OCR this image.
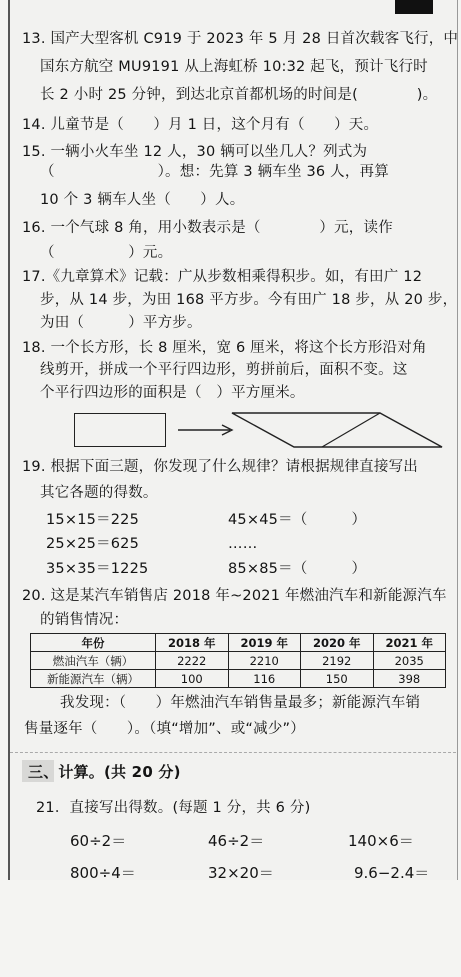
13. 国产大型客机 C919 于 2023 年 5 月 28 日首次载客飞行，中
国东方航空 MU9191 从上海虹桥 10:32 起飞，预计飞行时
长 2 小时 25 分钟，到达北京首都机场的时间是(　　　　)。
14. 儿童节是（　　）月 1 日，这个月有（　　）天。
15. 一辆小火车坐 12 人，30 辆可以坐几人？列式为
（　　　　　　　）。想：先算 3 辆车坐 36 人，再算
10 个 3 辆车人坐（　　）人。
16. 一个气球 8 角，用小数表示是（　　　　）元，读作
（　　　　　）元。
17.《九章算术》记载：广从步数相乘得积步。如，有田广 12
步，从 14 步，为田 168 平方步。今有田广 18 步，从 20 步，
为田（　　　）平方步。
18. 一个长方形，长 8 厘米，宽 6 厘米，将这个长方形沿对角
线剪开，拼成一个平行四边形，剪拼前后，面积不变。这
个平行四边形的面积是（　）平方厘米。
19. 根据下面三题，你发现了什么规律？请根据规律直接写出
其它各题的得数。
15×15＝225	45×45＝（　　　）
25×25＝625	……
35×35＝1225	85×85＝（　　　）
20. 这是某汽车销售店 2018 年~2021 年燃油汽车和新能源汽车
的销售情况：
年份	2018 年	2019 年	2020 年	2021 年
燃油汽车（辆）	2222	2210	2192	2035
新能源汽车（辆）	100	116	150	398
我发现：（　　）年燃油汽车销售量最多；新能源汽车销
售量逐年（　　）。（填“增加”、或“减少”）
三、计算。(共 20 分)
21．直接写出得数。(每题 1 分，共 6 分)
60÷2＝	46÷2＝	140×6＝
800÷4＝	32×20＝	9.6−2.4＝
